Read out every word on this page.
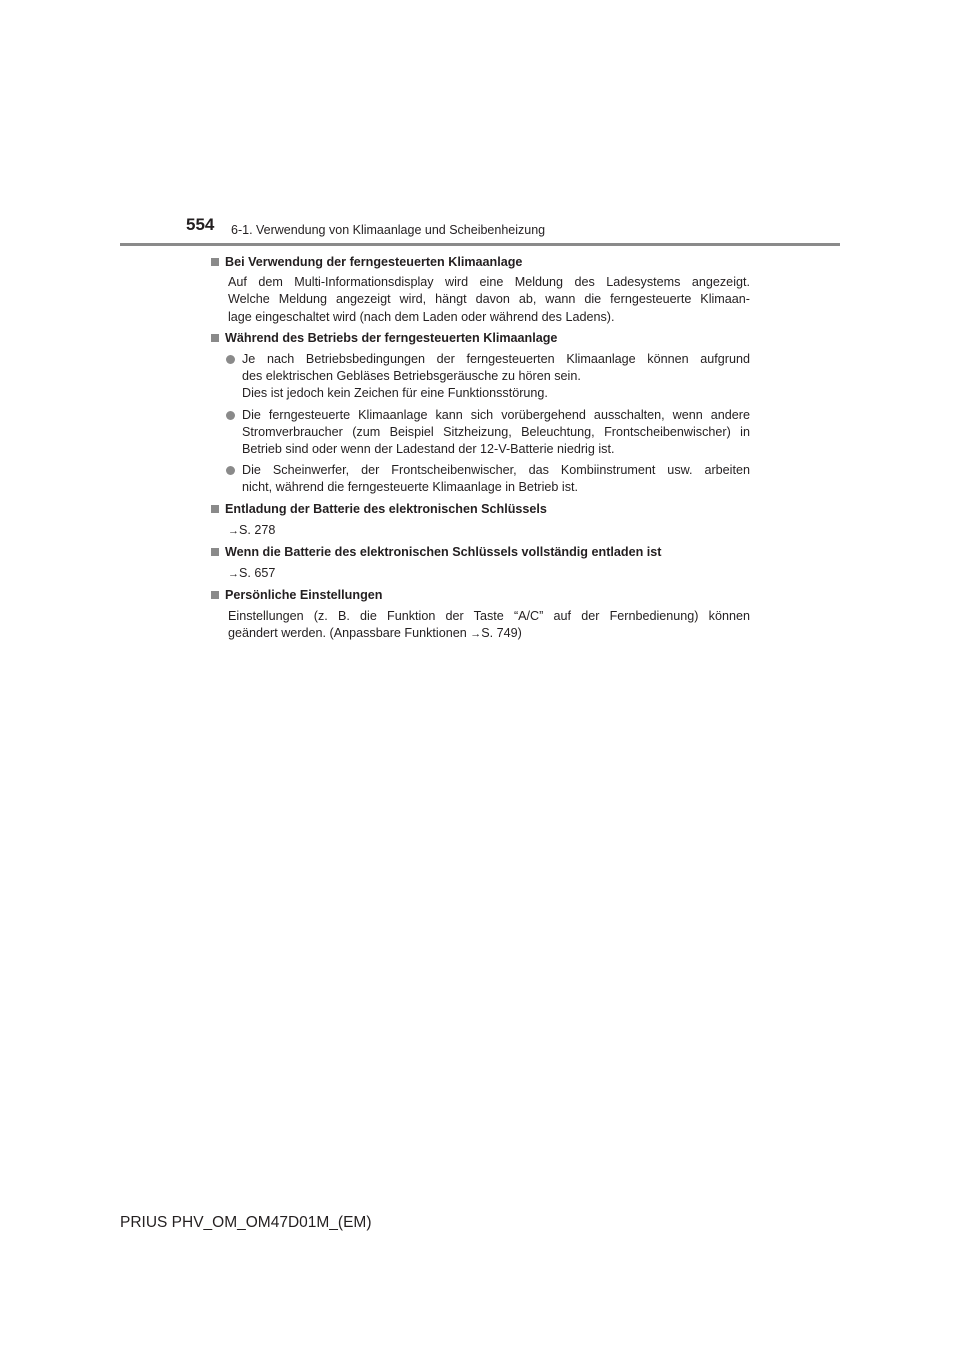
554 6-1. Verwendung von Klimaanlage und Scheibenheizung
Bei Verwendung der ferngesteuerten Klimaanlage

Auf dem Multi-Informationsdisplay wird eine Meldung des Ladesystems angezeigt.

Welche Meldung angezeigt wird, hängt davon ab, wann die ferngesteuerte Klimaan-

lage eingeschaltet wird (nach dem Laden oder während des Ladens).

Während des Betriebs der ferngesteuerten Klimaanlage

Je nach Betriebsbedingungen der ferngesteuerten Klimaanlage können aufgrund

des elektrischen Gebläses Betriebsgeräusche zu hören sein.

Dies ist jedoch kein Zeichen für eine Funktionsstörung.

Die ferngesteuerte Klimaanlage kann sich vorübergehend ausschalten, wenn andere

Stromverbraucher (zum Beispiel Sitzheizung, Beleuchtung, Frontscheibenwischer) in

Betrieb sind oder wenn der Ladestand der 12-V-Batterie niedrig ist.

Die Scheinwerfer, der Frontscheibenwischer, das Kombiinstrument usw. arbeiten

nicht, während die ferngesteuerte Klimaanlage in Betrieb ist.

Entladung der Batterie des elektronischen Schlüssels
→S. 278
Wenn die Batterie des elektronischen Schlüssels vollständig entladen ist
→S. 657
Persönliche Einstellungen

Einstellungen (z. B. die Funktion der Taste “A/C” auf der Fernbedienung) können

geändert werden. (Anpassbare Funktionen →S. 749)

PRIUS PHV_OM_OM47D01M_(EM)
